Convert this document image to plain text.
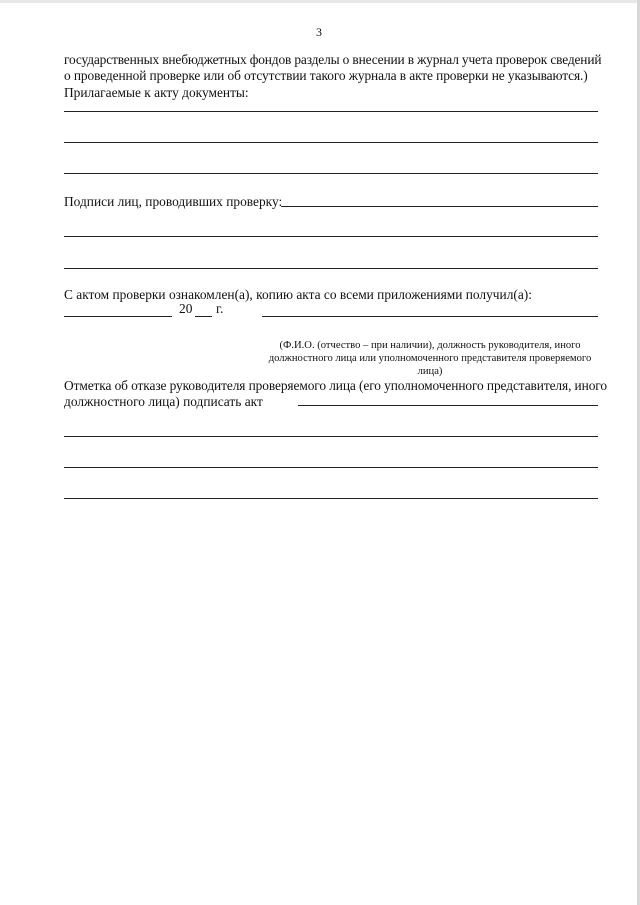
3
государственных внебюджетных фондов разделы о внесении в журнал учета проверок сведений
о проведенной проверке или об отсутствии такого журнала в акте проверки не указываются.)
Прилагаемые к акту документы:
Подписи лиц, проводивших проверку:
С актом проверки ознакомлен(а), копию акта со всеми приложениями получил(а):
20 г.
(Ф.И.О. (отчество – при наличии), должность руководителя, иного
должностного лица или уполномоченного представителя проверяемого
лица)
Отметка об отказе руководителя проверяемого лица (его уполномоченного представителя, иного
должностного лица) подписать акт
